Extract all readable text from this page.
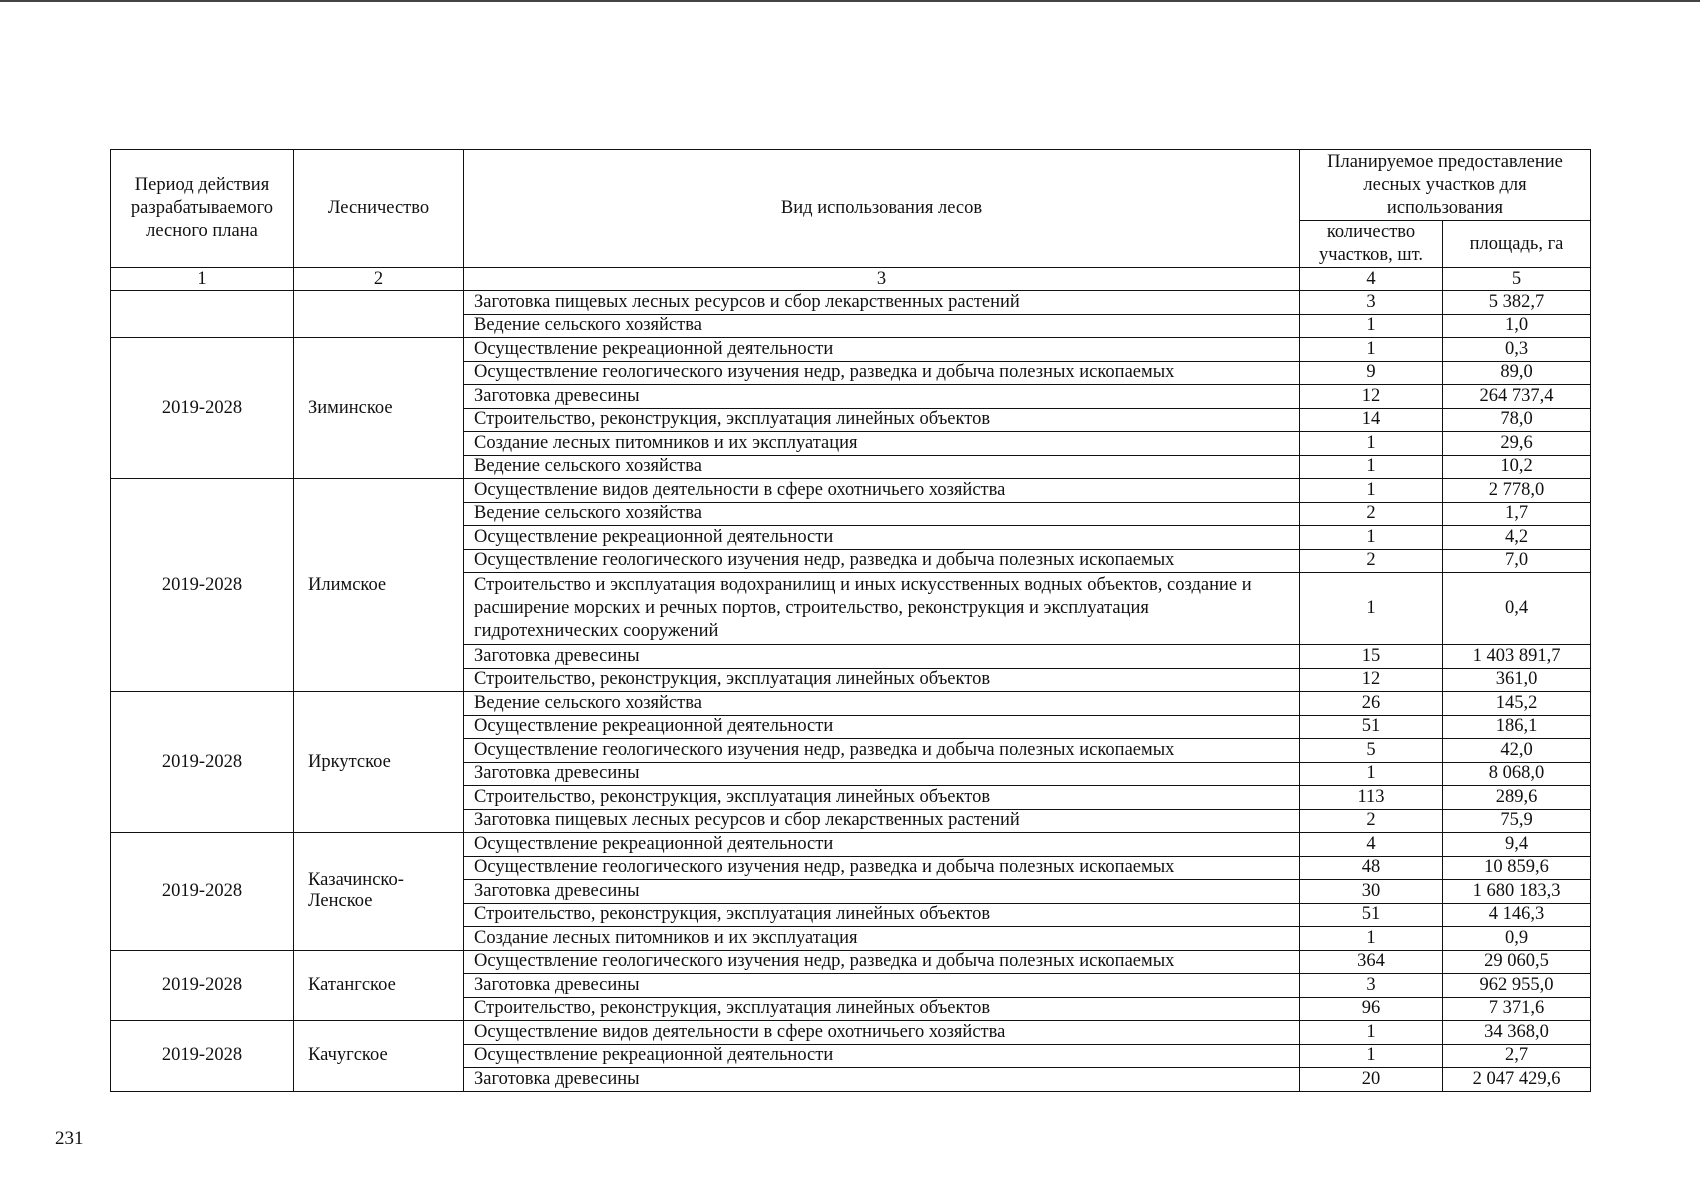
Период действия разрабатываемого лесного плана	Лесничество	Вид использования лесов	Планируемое предоставление лесных участков для использования	
			количество участков, шт.	площадь, га
1	2	3	4	5
		Заготовка пищевых лесных ресурсов и сбор лекарственных растений	3	5 382,7
		Ведение сельского хозяйства	1	1,0
2019-2028	Зиминское	Осуществление рекреационной деятельности	1	0,3
		Осуществление геологического изучения недр, разведка и добыча полезных ископаемых	9	89,0
		Заготовка древесины	12	264 737,4
		Строительство, реконструкция, эксплуатация линейных объектов	14	78,0
		Создание лесных питомников и их эксплуатация	1	29,6
		Ведение сельского хозяйства	1	10,2
2019-2028	Илимское	Осуществление видов деятельности в сфере охотничьего хозяйства	1	2 778,0
		Ведение сельского хозяйства	2	1,7
		Осуществление рекреационной деятельности	1	4,2
		Осуществление геологического изучения недр, разведка и добыча полезных ископаемых	2	7,0
		Строительство и эксплуатация водохранилищ и иных искусственных водных объектов, создание и расширение морских и речных портов, строительство, реконструкция и эксплуатация гидротехнических сооружений	1	0,4
		Заготовка древесины	15	1 403 891,7
		Строительство, реконструкция, эксплуатация линейных объектов	12	361,0
2019-2028	Иркутское	Ведение сельского хозяйства	26	145,2
		Осуществление рекреационной деятельности	51	186,1
		Осуществление геологического изучения недр, разведка и добыча полезных ископаемых	5	42,0
		Заготовка древесины	1	8 068,0
		Строительство, реконструкция, эксплуатация линейных объектов	113	289,6
		Заготовка пищевых лесных ресурсов и сбор лекарственных растений	2	75,9
2019-2028	Казачинско-Ленское	Осуществление рекреационной деятельности	4	9,4
		Осуществление геологического изучения недр, разведка и добыча полезных ископаемых	48	10 859,6
		Заготовка древесины	30	1 680 183,3
		Строительство, реконструкция, эксплуатация линейных объектов	51	4 146,3
		Создание лесных питомников и их эксплуатация	1	0,9
2019-2028	Катангское	Осуществление геологического изучения недр, разведка и добыча полезных ископаемых	364	29 060,5
		Заготовка древесины	3	962 955,0
		Строительство, реконструкция, эксплуатация линейных объектов	96	7 371,6
2019-2028	Качугское	Осуществление видов деятельности в сфере охотничьего хозяйства	1	34 368,0
		Осуществление рекреационной деятельности	1	2,7
		Заготовка древесины	20	2 047 429,6
231
